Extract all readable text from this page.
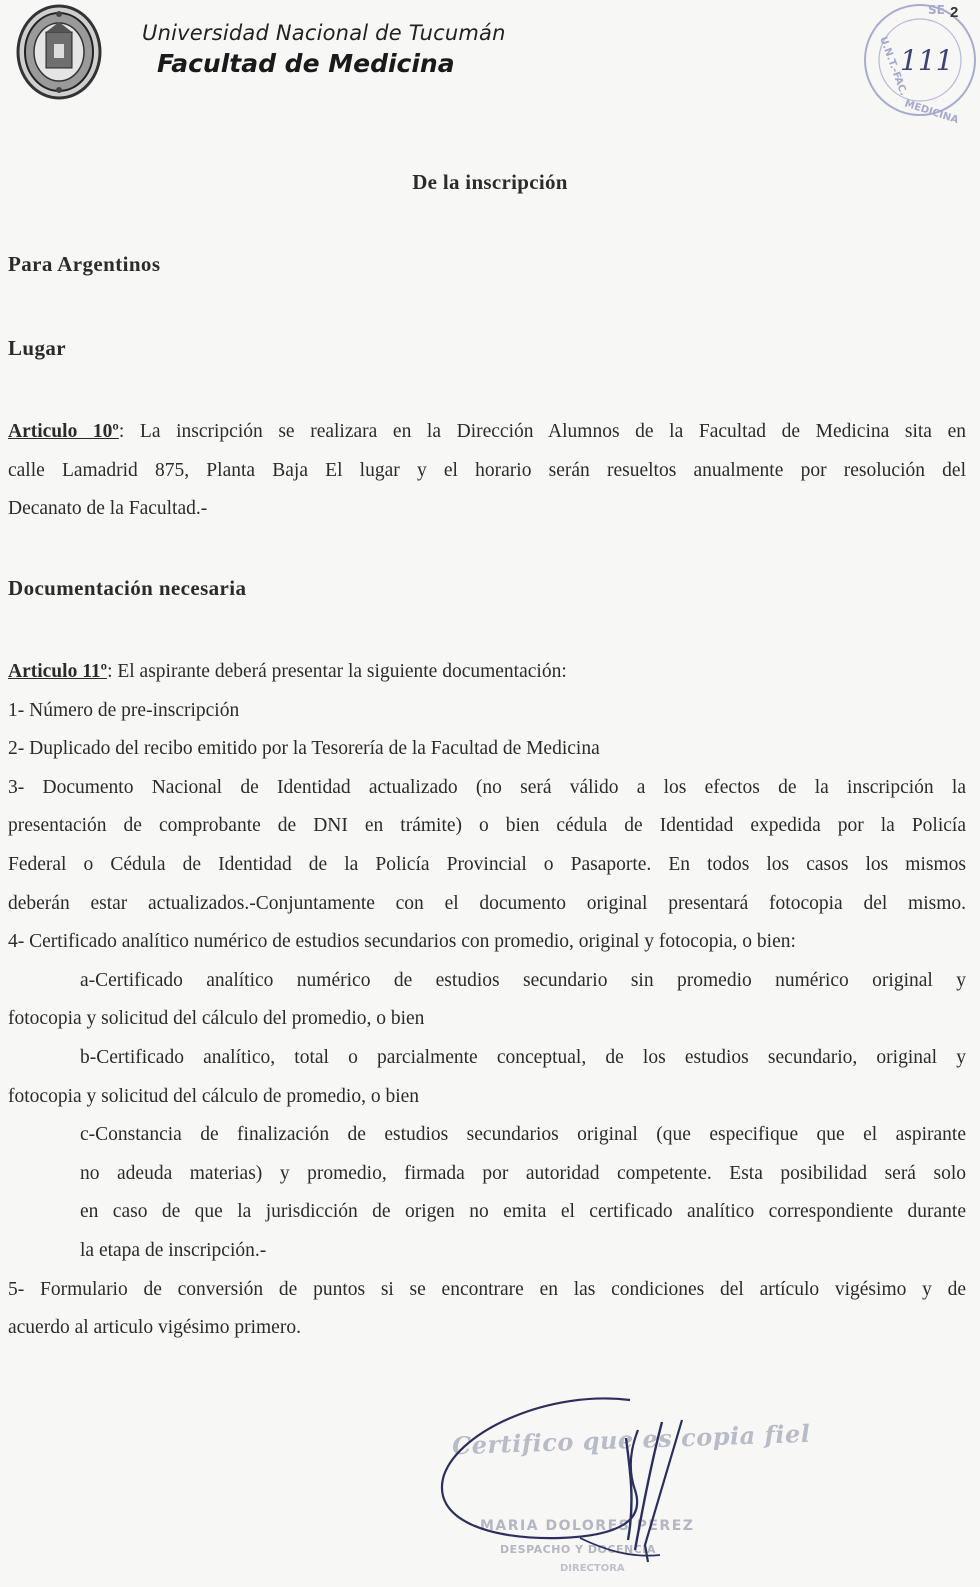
Universidad Nacional de Tucumán
Facultad de Medicina
SE
U.N.T.-FAC.
MEDICINA
111
2
De la inscripción
Para Argentinos
Lugar
Articulo 10º: La inscripción se realizara en la Dirección Alumnos de la Facultad de Medicina sita en
calle Lamadrid 875, Planta Baja El lugar y el horario serán resueltos anualmente por resolución del
Decanato de la Facultad.-
Documentación necesaria
Articulo 11º: El aspirante deberá presentar la siguiente documentación:
1- Número de pre-inscripción
2- Duplicado del recibo emitido por la Tesorería de la Facultad de Medicina
3- Documento Nacional de Identidad actualizado (no será válido a los efectos de la inscripción la
presentación de comprobante de DNI en trámite) o bien cédula de Identidad expedida por la Policía
Federal o Cédula de Identidad de la Policía Provincial o Pasaporte. En todos los casos los mismos
deberán estar actualizados.-Conjuntamente con el documento original presentará fotocopia del mismo.
4- Certificado analítico numérico de estudios secundarios con promedio, original y fotocopia, o bien:
a-Certificado analítico numérico de estudios secundario sin promedio numérico original y
fotocopia y solicitud del cálculo del promedio, o bien
b-Certificado analítico, total o parcialmente conceptual, de los estudios secundario, original y
fotocopia y solicitud del cálculo de promedio, o bien
c-Constancia de finalización de estudios secundarios original (que especifique que el aspirante
no adeuda materias) y promedio, firmada por autoridad competente. Esta posibilidad será solo
en caso de que la jurisdicción de origen no emita el certificado analítico correspondiente durante
la etapa de inscripción.-
5- Formulario de conversión de puntos si se encontrare en las condiciones del artículo vigésimo y de
acuerdo al articulo vigésimo primero.
Certifico que es copia fiel
MARIA DOLORES PEREZ
DESPACHO Y DOCENCIA
DIRECTORA
